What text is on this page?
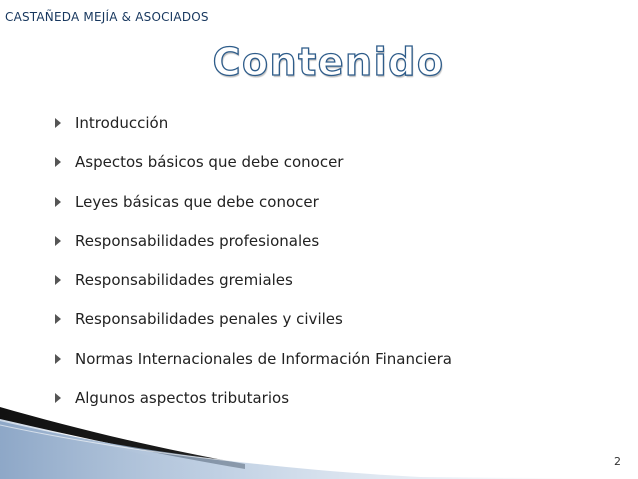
CASTAÑEDA MEJÍA & ASOCIADOS
Contenido
Introducción
Aspectos básicos que debe conocer
Leyes básicas que debe conocer
Responsabilidades profesionales
Responsabilidades gremiales
Responsabilidades penales y civiles
Normas Internacionales de Información Financiera
Algunos aspectos tributarios
2
